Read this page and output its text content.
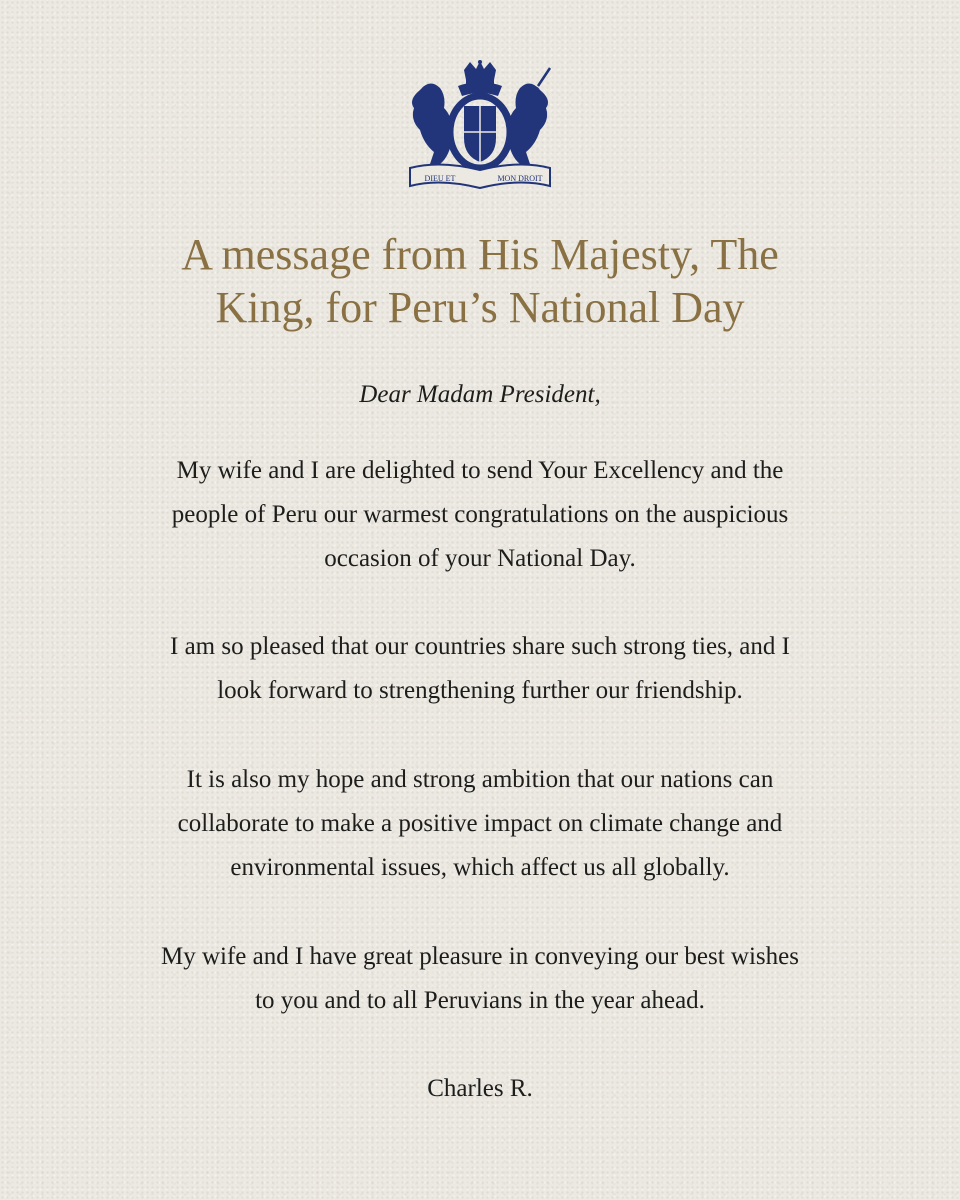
DIEU ET	MON DROIT
A message from His Majesty, The
King, for Peru’s National Day

Dear Madam President,

My wife and I are delighted to send Your Excellency and the
people of Peru our warmest congratulations on the auspicious
occasion of your National Day.

I am so pleased that our countries share such strong ties, and I
look forward to strengthening further our friendship.

It is also my hope and strong ambition that our nations can
collaborate to make a positive impact on climate change and
environmental issues, which affect us all globally.

My wife and I have great pleasure in conveying our best wishes
to you and to all Peruvians in the year ahead.

Charles R.
